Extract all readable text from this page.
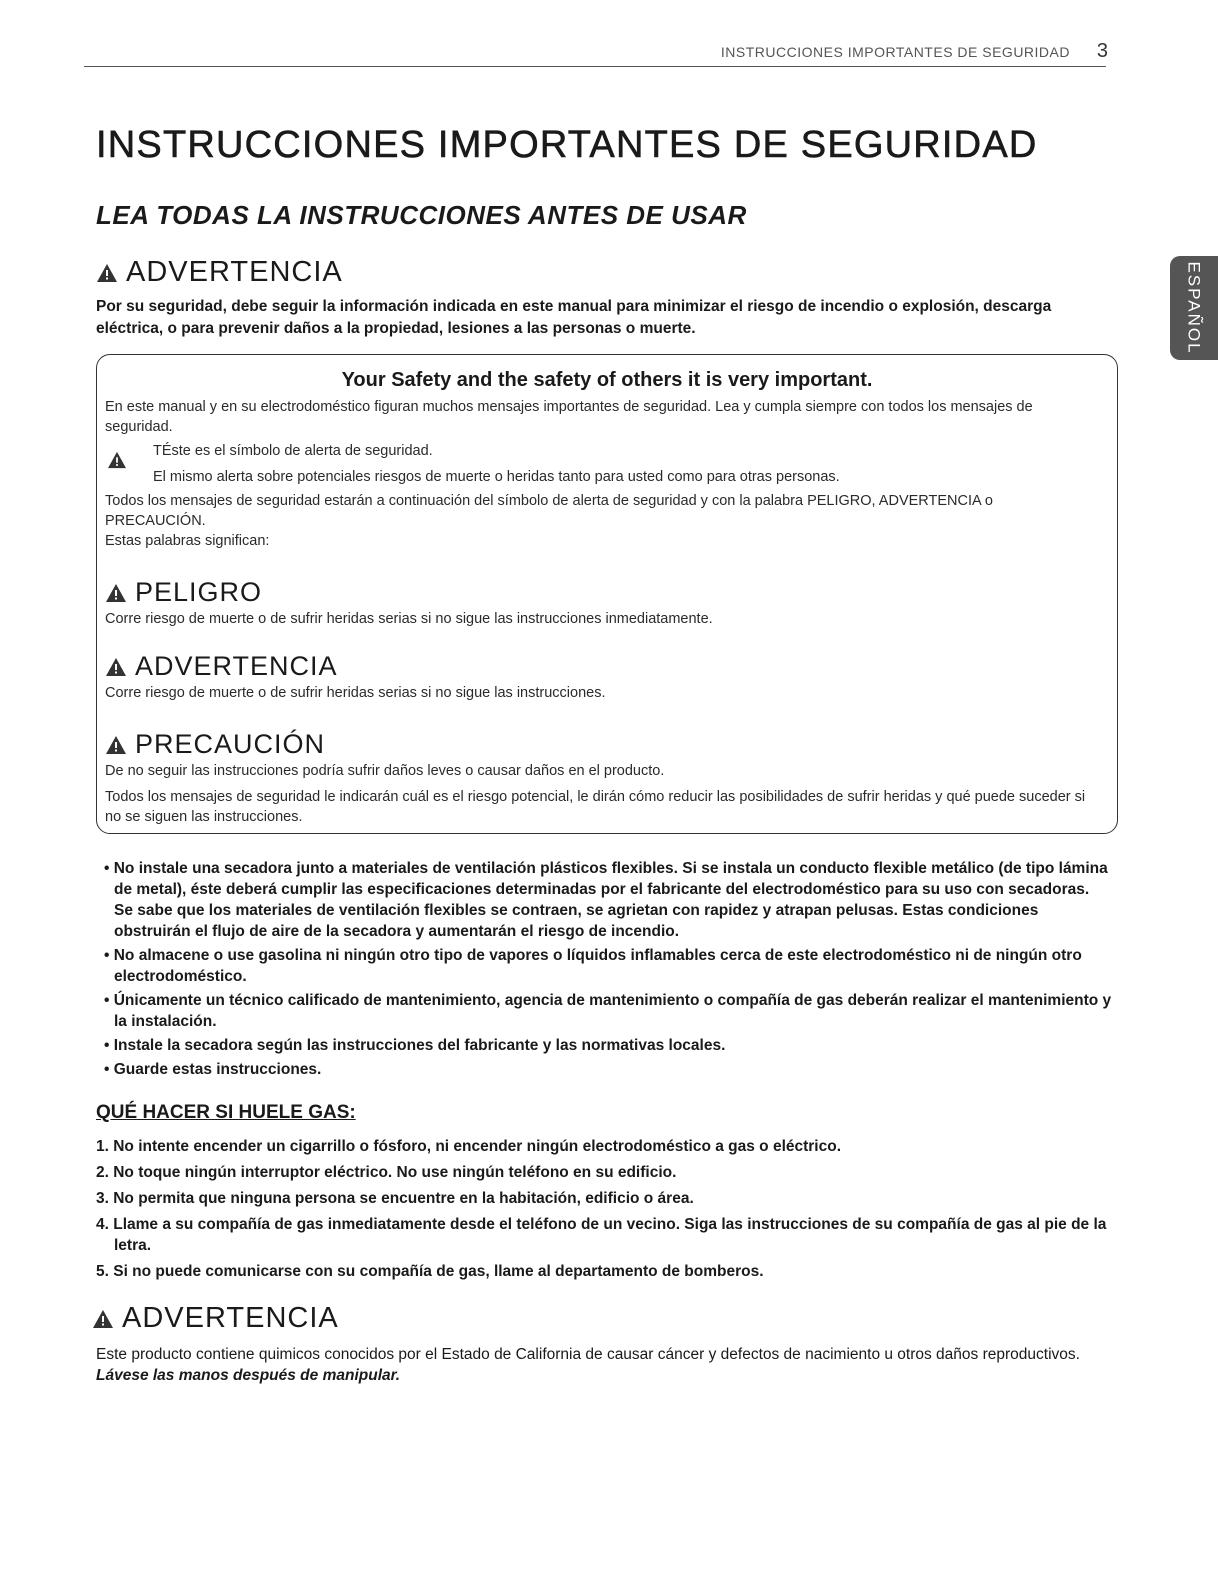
INSTRUCCIONES IMPORTANTES DE SEGURIDAD 3
ESPAÑOL
INSTRUCCIONES IMPORTANTES DE SEGURIDAD
LEA TODAS LA INSTRUCCIONES ANTES DE USAR
ADVERTENCIA

Por su seguridad, debe seguir la información indicada en este manual para minimizar el riesgo de incendio o explosión, descarga eléctrica, o para prevenir daños a la propiedad, lesiones a las personas o muerte.

Your Safety and the safety of others it is very important.

En este manual y en su electrodoméstico figuran muchos mensajes importantes de seguridad. Lea y cumpla siempre con todos los mensajes de seguridad.

TÉste es el símbolo de alerta de seguridad.
El mismo alerta sobre potenciales riesgos de muerte o heridas tanto para usted como para otras personas.

Todos los mensajes de seguridad estarán a continuación del símbolo de alerta de seguridad y con la palabra PELIGRO, ADVERTENCIA o PRECAUCIÓN.

Estas palabras significan:

PELIGRO

Corre riesgo de muerte o de sufrir heridas serias si no sigue las instrucciones inmediatamente.

ADVERTENCIA

Corre riesgo de muerte o de sufrir heridas serias si no sigue las instrucciones.

PRECAUCIÓN

De no seguir las instrucciones podría sufrir daños leves o causar daños en el producto.

Todos los mensajes de seguridad le indicarán cuál es el riesgo potencial, le dirán cómo reducir las posibilidades de sufrir heridas y qué puede suceder si no se siguen las instrucciones.

• No instale una secadora junto a materiales de ventilación plásticos flexibles. Si se instala un conducto flexible metálico (de tipo lámina de metal), éste deberá cumplir las especificaciones determinadas por el fabricante del electrodoméstico para su uso con secadoras. Se sabe que los materiales de ventilación flexibles se contraen, se agrietan con rapidez y atrapan pelusas. Estas condiciones obstruirán el flujo de aire de la secadora y aumentarán el riesgo de incendio.
• No almacene o use gasolina ni ningún otro tipo de vapores o líquidos inflamables cerca de este electrodoméstico ni de ningún otro electrodoméstico.
• Únicamente un técnico calificado de mantenimiento, agencia de mantenimiento o compañía de gas deberán realizar el mantenimiento y la instalación.
• Instale la secadora según las instrucciones del fabricante y las normativas locales.
• Guarde estas instrucciones.
QUÉ HACER SI HUELE GAS:
1. No intente encender un cigarrillo o fósforo, ni encender ningún electrodoméstico a gas o eléctrico.
2. No toque ningún interruptor eléctrico. No use ningún teléfono en su edificio.
3. No permita que ninguna persona se encuentre en la habitación, edificio o área.
4. Llame a su compañía de gas inmediatamente desde el teléfono de un vecino. Siga las instrucciones de su compañía de gas al pie de la letra.
5. Si no puede comunicarse con su compañía de gas, llame al departamento de bomberos.
ADVERTENCIA

Este producto contiene quimicos conocidos por el Estado de California de causar cáncer y defectos de nacimiento u otros daños reproductivos. Lávese las manos después de manipular.
